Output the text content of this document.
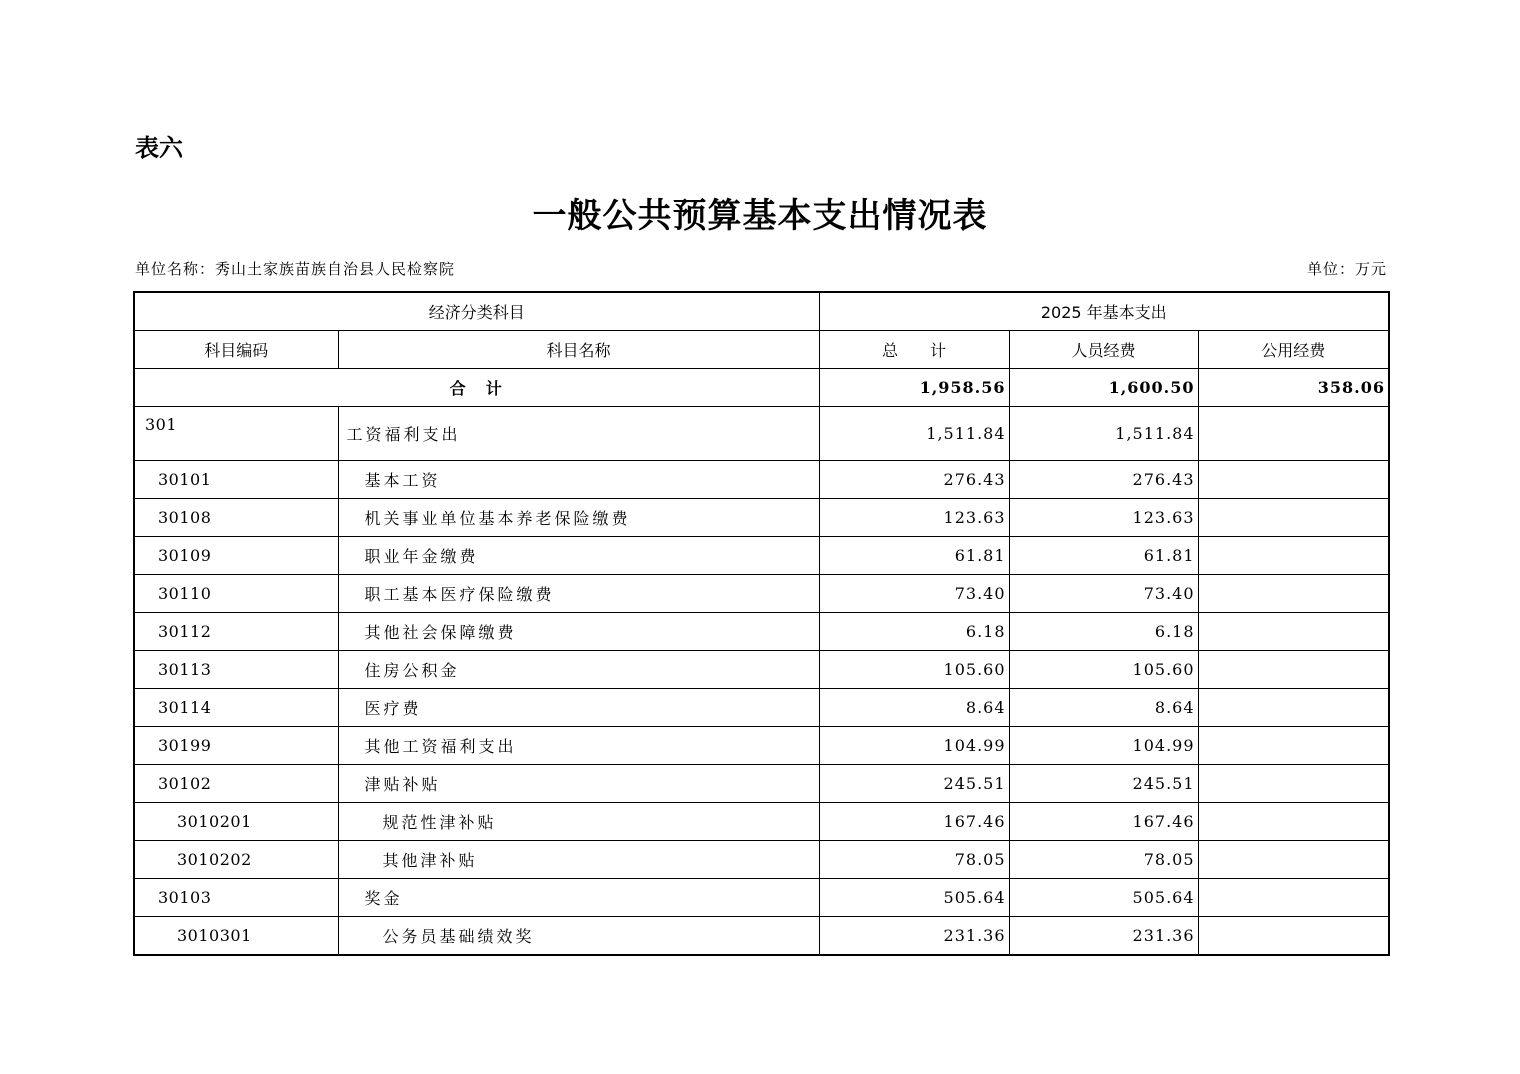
表六
一般公共预算基本支出情况表
单位名称：秀山土家族苗族自治县人民检察院	单位：万元
经济分类科目		2025 年基本支出		
科目编码	科目名称	总　　计	人员经费	公用经费
合　计		1,958.56	1,600.50	358.06
301	工资福利支出	1,511.84	1,511.84	
30101	基本工资	276.43	276.43	
30108	机关事业单位基本养老保险缴费	123.63	123.63	
30109	职业年金缴费	61.81	61.81	
30110	职工基本医疗保险缴费	73.40	73.40	
30112	其他社会保障缴费	6.18	6.18	
30113	住房公积金	105.60	105.60	
30114	医疗费	8.64	8.64	
30199	其他工资福利支出	104.99	104.99	
30102	津贴补贴	245.51	245.51	
3010201	规范性津补贴	167.46	167.46	
3010202	其他津补贴	78.05	78.05	
30103	奖金	505.64	505.64	
3010301	公务员基础绩效奖	231.36	231.36	
